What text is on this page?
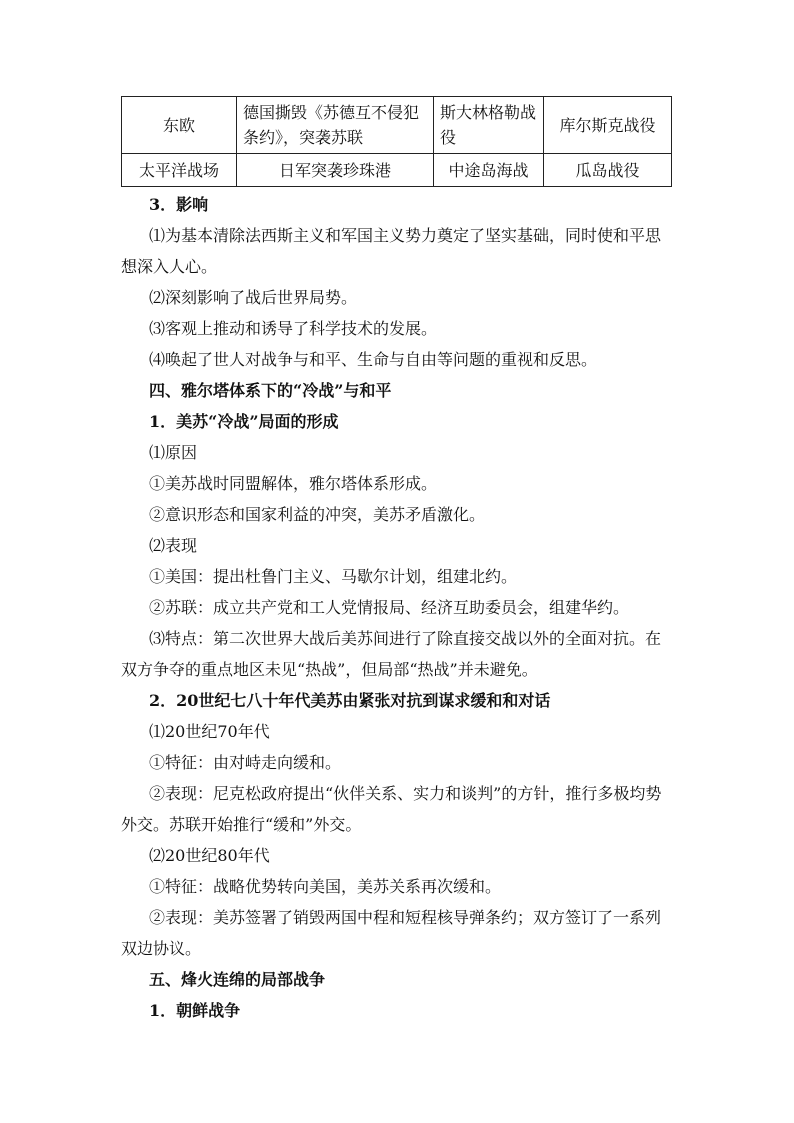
东欧	德国撕毁《苏德互不侵犯条约》，突袭苏联	斯大林格勒战役	库尔斯克战役
太平洋战场	日军突袭珍珠港	中途岛海战	瓜岛战役

3．影响

⑴为基本清除法西斯主义和军国主义势力奠定了坚实基础，同时使和平思想深入人心。

⑵深刻影响了战后世界局势。

⑶客观上推动和诱导了科学技术的发展。

⑷唤起了世人对战争与和平、生命与自由等问题的重视和反思。

四、雅尔塔体系下的“冷战”与和平

1．美苏“冷战”局面的形成

⑴原因

①美苏战时同盟解体，雅尔塔体系形成。

②意识形态和国家利益的冲突，美苏矛盾激化。

⑵表现

①美国：提出杜鲁门主义、马歇尔计划，组建北约。

②苏联：成立共产党和工人党情报局、经济互助委员会，组建华约。

⑶特点：第二次世界大战后美苏间进行了除直接交战以外的全面对抗。在双方争夺的重点地区未见“热战”，但局部“热战”并未避免。

2．20世纪七八十年代美苏由紧张对抗到谋求缓和和对话

⑴20世纪70年代

①特征：由对峙走向缓和。

②表现：尼克松政府提出“伙伴关系、实力和谈判”的方针，推行多极均势外交。苏联开始推行“缓和”外交。

⑵20世纪80年代

①特征：战略优势转向美国，美苏关系再次缓和。

②表现：美苏签署了销毁两国中程和短程核导弹条约；双方签订了一系列双边协议。

五、烽火连绵的局部战争

1．朝鲜战争
